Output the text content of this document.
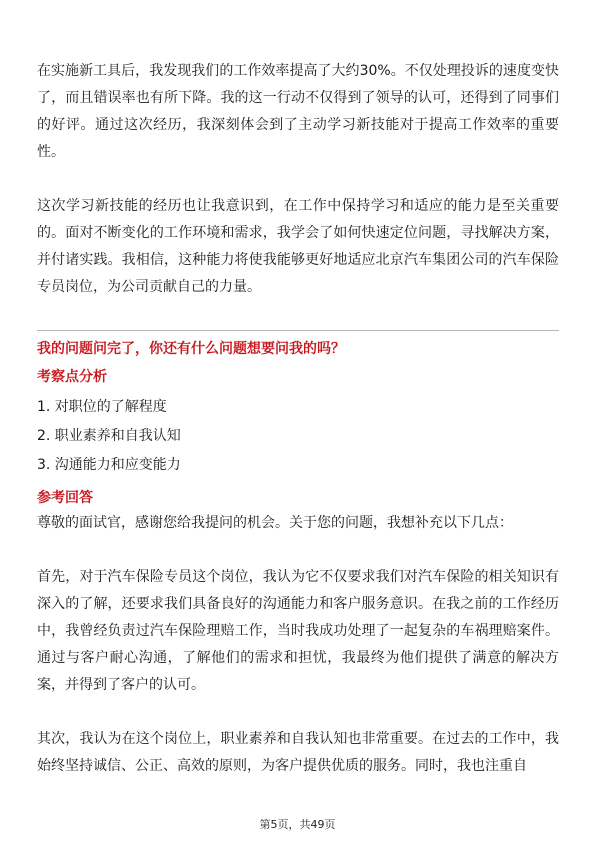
在实施新工具后，我发现我们的工作效率提高了大约30%。不仅处理投诉的速度变快了，而且错误率也有所下降。我的这一行动不仅得到了领导的认可，还得到了同事们的好评。通过这次经历，我深刻体会到了主动学习新技能对于提高工作效率的重要性。

这次学习新技能的经历也让我意识到，在工作中保持学习和适应的能力是至关重要的。面对不断变化的工作环境和需求，我学会了如何快速定位问题，寻找解决方案，并付诸实践。我相信，这种能力将使我能够更好地适应北京汽车集团公司的汽车保险专员岗位，为公司贡献自己的力量。

我的问题问完了，你还有什么问题想要问我的吗？

考察点分析

1. 对职位的了解程度
2. 职业素养和自我认知
3. 沟通能力和应变能力

参考回答

尊敬的面试官，感谢您给我提问的机会。关于您的问题，我想补充以下几点：

首先，对于汽车保险专员这个岗位，我认为它不仅要求我们对汽车保险的相关知识有深入的了解，还要求我们具备良好的沟通能力和客户服务意识。在我之前的工作经历中，我曾经负责过汽车保险理赔工作，当时我成功处理了一起复杂的车祸理赔案件。通过与客户耐心沟通，了解他们的需求和担忧，我最终为他们提供了满意的解决方案，并得到了客户的认可。

其次，我认为在这个岗位上，职业素养和自我认知也非常重要。在过去的工作中，我始终坚持诚信、公正、高效的原则，为客户提供优质的服务。同时，我也注重自

第5页，共49页
